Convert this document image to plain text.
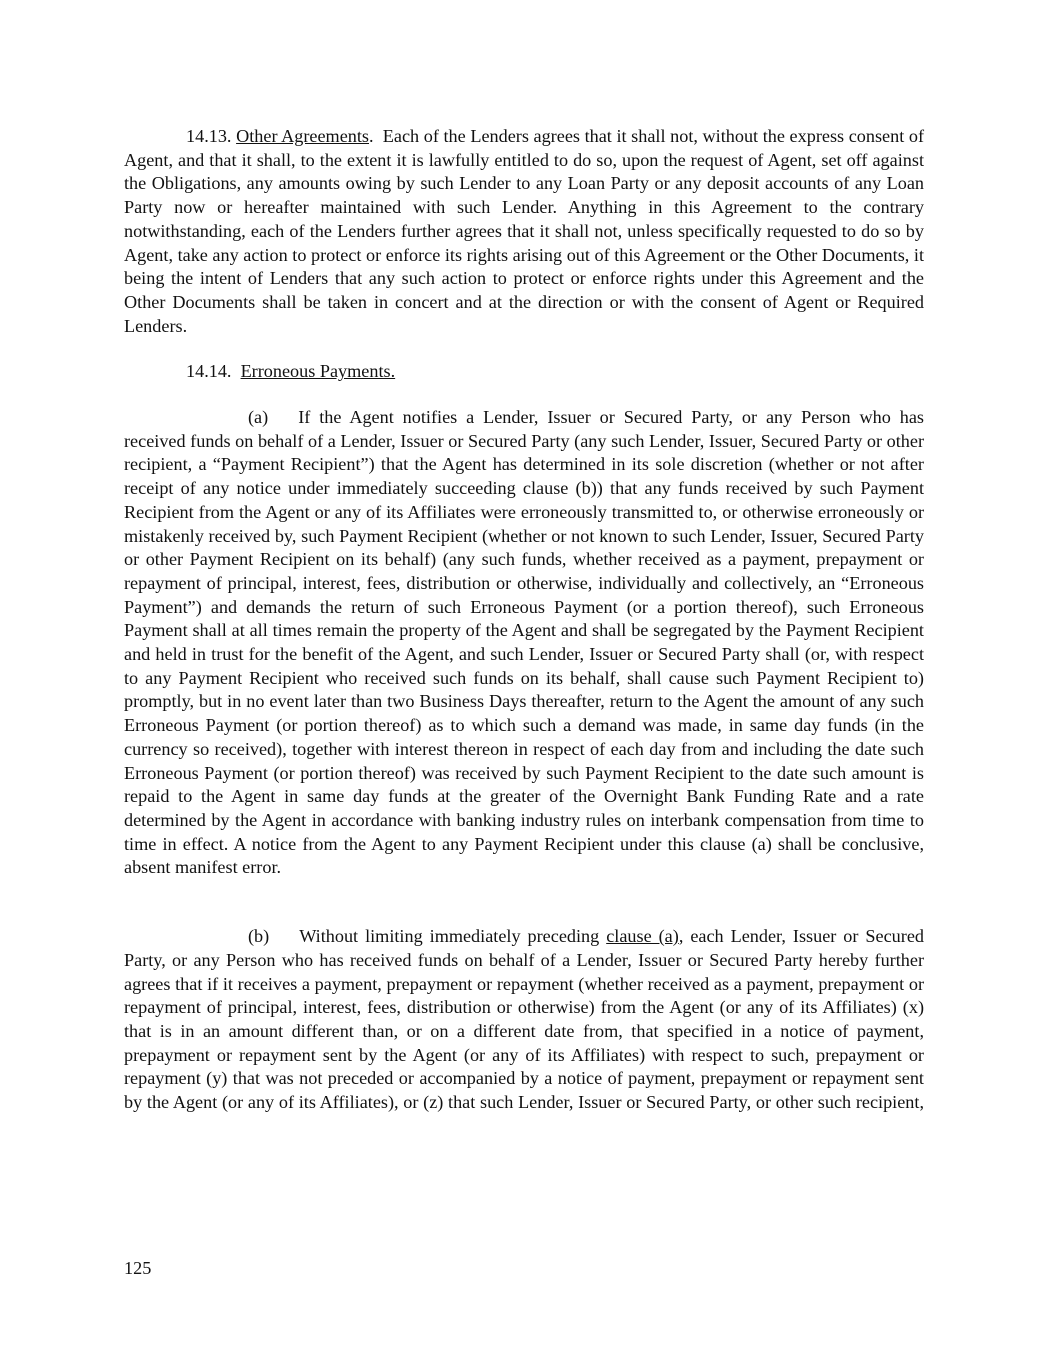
14.13. Other Agreements. Each of the Lenders agrees that it shall not, without the express consent of Agent, and that it shall, to the extent it is lawfully entitled to do so, upon the request of Agent, set off against the Obligations, any amounts owing by such Lender to any Loan Party or any deposit accounts of any Loan Party now or hereafter maintained with such Lender. Anything in this Agreement to the contrary notwithstanding, each of the Lenders further agrees that it shall not, unless specifically requested to do so by Agent, take any action to protect or enforce its rights arising out of this Agreement or the Other Documents, it being the intent of Lenders that any such action to protect or enforce rights under this Agreement and the Other Documents shall be taken in concert and at the direction or with the consent of Agent or Required Lenders.

14.14. Erroneous Payments.

(a) If the Agent notifies a Lender, Issuer or Secured Party, or any Person who has received funds on behalf of a Lender, Issuer or Secured Party (any such Lender, Issuer, Secured Party or other recipient, a “Payment Recipient”) that the Agent has determined in its sole discretion (whether or not after receipt of any notice under immediately succeeding clause (b)) that any funds received by such Payment Recipient from the Agent or any of its Affiliates were erroneously transmitted to, or otherwise erroneously or mistakenly received by, such Payment Recipient (whether or not known to such Lender, Issuer, Secured Party or other Payment Recipient on its behalf) (any such funds, whether received as a payment, prepayment or repayment of principal, interest, fees, distribution or otherwise, individually and collectively, an “Erroneous Payment”) and demands the return of such Erroneous Payment (or a portion thereof), such Erroneous Payment shall at all times remain the property of the Agent and shall be segregated by the Payment Recipient and held in trust for the benefit of the Agent, and such Lender, Issuer or Secured Party shall (or, with respect to any Payment Recipient who received such funds on its behalf, shall cause such Payment Recipient to) promptly, but in no event later than two Business Days thereafter, return to the Agent the amount of any such Erroneous Payment (or portion thereof) as to which such a demand was made, in same day funds (in the currency so received), together with interest thereon in respect of each day from and including the date such Erroneous Payment (or portion thereof) was received by such Payment Recipient to the date such amount is repaid to the Agent in same day funds at the greater of the Overnight Bank Funding Rate and a rate determined by the Agent in accordance with banking industry rules on interbank compensation from time to time in effect. A notice from the Agent to any Payment Recipient under this clause (a) shall be conclusive, absent manifest error.

(b) Without limiting immediately preceding clause (a), each Lender, Issuer or Secured Party, or any Person who has received funds on behalf of a Lender, Issuer or Secured Party hereby further agrees that if it receives a payment, prepayment or repayment (whether received as a payment, prepayment or repayment of principal, interest, fees, distribution or otherwise) from the Agent (or any of its Affiliates) (x) that is in an amount different than, or on a different date from, that specified in a notice of payment, prepayment or repayment sent by the Agent (or any of its Affiliates) with respect to such, prepayment or repayment (y) that was not preceded or accompanied by a notice of payment, prepayment or repayment sent by the Agent (or any of its Affiliates), or (z) that such Lender, Issuer or Secured Party, or other such recipient,

125
